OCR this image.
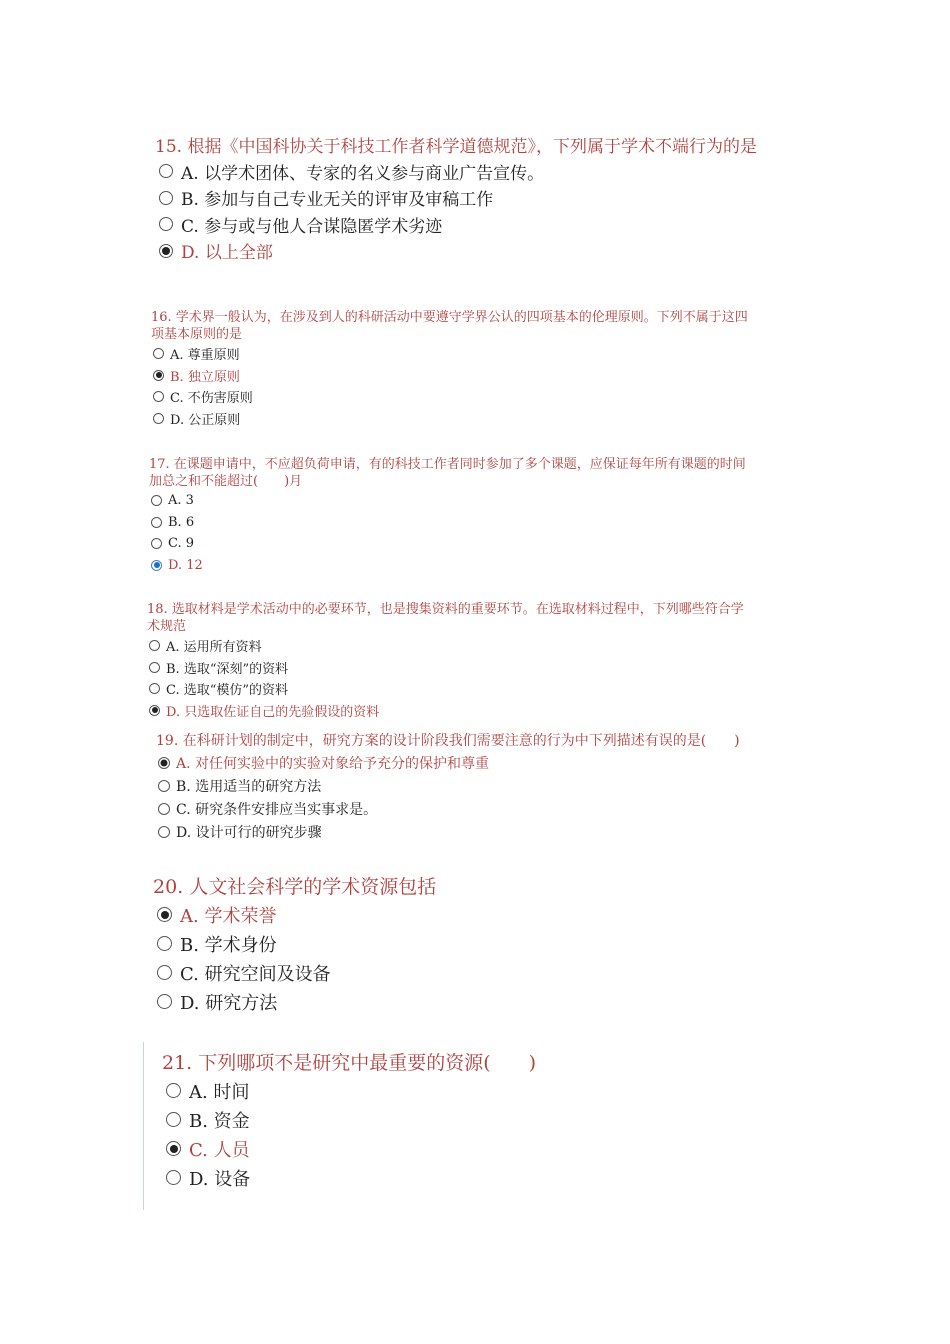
15. 根据《中国科协关于科技工作者科学道德规范》，下列属于学术不端行为的是

A. 以学术团体、专家的名义参与商业广告宣传。
B. 参加与自己专业无关的评审及审稿工作
C. 参与或与他人合谋隐匿学术劣迹
D. 以上全部

16. 学术界一般认为，在涉及到人的科研活动中要遵守学界公认的四项基本的伦理原则。下列不属于这四
项基本原则的是

A. 尊重原则
B. 独立原则
C. 不伤害原则
D. 公正原则

17. 在课题申请中，不应超负荷申请，有的科技工作者同时参加了多个课题，应保证每年所有课题的时间
加总之和不能超过(　　)月

A. 3
B. 6
C. 9
D. 12

18. 选取材料是学术活动中的必要环节，也是搜集资料的重要环节。在选取材料过程中，下列哪些符合学
术规范

A. 运用所有资料
B. 选取“深刻”的资料
C. 选取“模仿”的资料
D. 只选取佐证自己的先验假设的资料

19. 在科研计划的制定中，研究方案的设计阶段我们需要注意的行为中下列描述有误的是(　　)

A. 对任何实验中的实验对象给予充分的保护和尊重
B. 选用适当的研究方法
C. 研究条件安排应当实事求是。
D. 设计可行的研究步骤

20. 人文社会科学的学术资源包括

A. 学术荣誉
B. 学术身份
C. 研究空间及设备
D. 研究方法

21. 下列哪项不是研究中最重要的资源(　　)

A. 时间
B. 资金
C. 人员
D. 设备
